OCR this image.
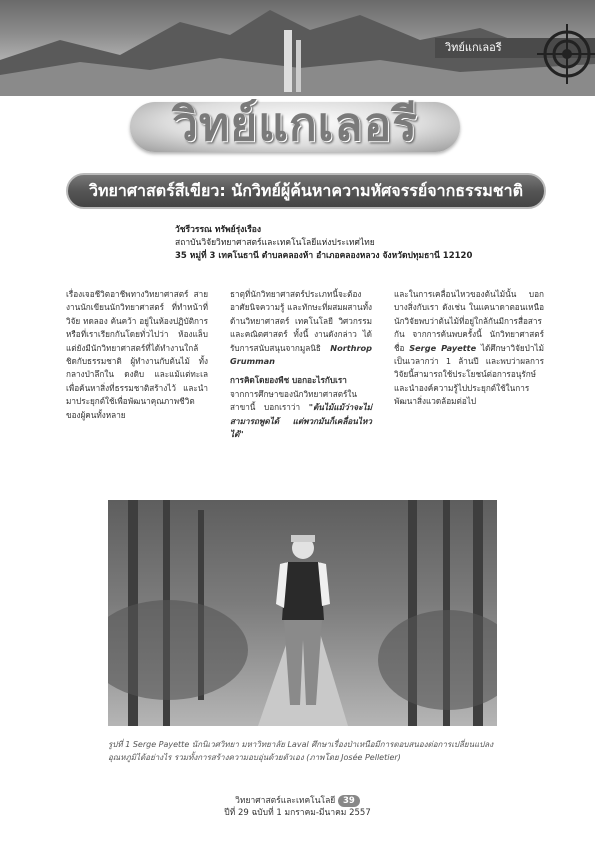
วิทย์แกเลอรี
วิทย์แกเลอรี
วิทยาศาสตร์สีเขียว: นักวิทย์ผู้ค้นหาความหัศจรรย์จากธรรมชาติ
วัชรีวรรณ ทรัพย์รุ่งเรือง
สถาบันวิจัยวิทยาศาสตร์และเทคโนโลยีแห่งประเทศไทย
35 หมู่ที่ 3 เทคโนธานี ตำบลคลองห้า อำเภอคลองหลวง จังหวัดปทุมธานี 12120

เรื่องเจอชีวิตอาชีพทางวิทยาศาสตร์ สายงานนักเขียนนักวิทยาศาสตร์ ที่ทำหน้าที่วิจัย ทดลอง ค้นคว้า อยู่ในห้องปฏิบัติการ หรือที่เราเรียกกันโดยทั่วไปว่า ห้องแล็บ แต่ยังมีนักวิทยาศาสตร์ที่ได้ทำงานใกล้ชิดกับธรรมชาติ ผู้ทำงานกับต้นไม้ ทั้งกลางป่าลึกใน ดงดิบ และแม้แต่ทะเล เพื่อค้นหาสิ่งที่ธรรมชาติสร้างไว้ และนำมาประยุกต์ใช้เพื่อพัฒนาคุณภาพชีวิตของผู้คนทั้งหลาย

ธาตุที่นักวิทยาศาสตร์ประเภทนี้จะต้องอาศัยนิจความรู้ และทักษะที่ผสมผสานทั้งด้านวิทยาศาสตร์ เทคโนโลยี วิศวกรรม และคณิตศาสตร์ ทั้งนี้ งานดังกล่าว ได้รับการสนับสนุนจากมูลนิธิ Northrop Grumman

การคิดโดยองพืช บอกอะไรกับเรา

จากการศึกษาของนักวิทยาศาสตร์ในสาขานี้ บอกเราว่า "ต้นไม้แม้ว่าจะไม่สามารถพูดได้ แต่พวกมันก็เคลื่อนไหวได้"

และในการเคลื่อนไหวของต้นไม้นั้น บอกบางสิ่งกับเรา ดังเช่น ในแคนาดาตอนเหนือ นักวิจัยพบว่าต้นไม้ที่อยู่ใกล้กันมีการสื่อสารกัน จากการค้นพบครั้งนี้ นักวิทยาศาสตร์ชื่อ Serge Payette ได้ศึกษาวิจัยป่าไม้เป็นเวลากว่า 1 ล้านปี และพบว่าผลการวิจัยนี้สามารถใช้ประโยชน์ต่อการอนุรักษ์ และนำองค์ความรู้ไปประยุกต์ใช้ในการพัฒนาสิ่งแวดล้อมต่อไป

รูปที่ 1 Serge Payette นักนิเวศวิทยา มหาวิทยาลัย Laval ศึกษาเรื่องป่าเหนือมีการตอบสนองต่อการเปลี่ยนแปลงอุณหภูมิได้อย่างไร รวมทั้งการสร้างความอบอุ่นด้วยตัวเอง (ภาพโดย Josée Pelletier)
วิทยาศาสตร์และเทคโนโลยี 39
ปีที่ 29 ฉบับที่ 1 มกราคม-มีนาคม 2557
